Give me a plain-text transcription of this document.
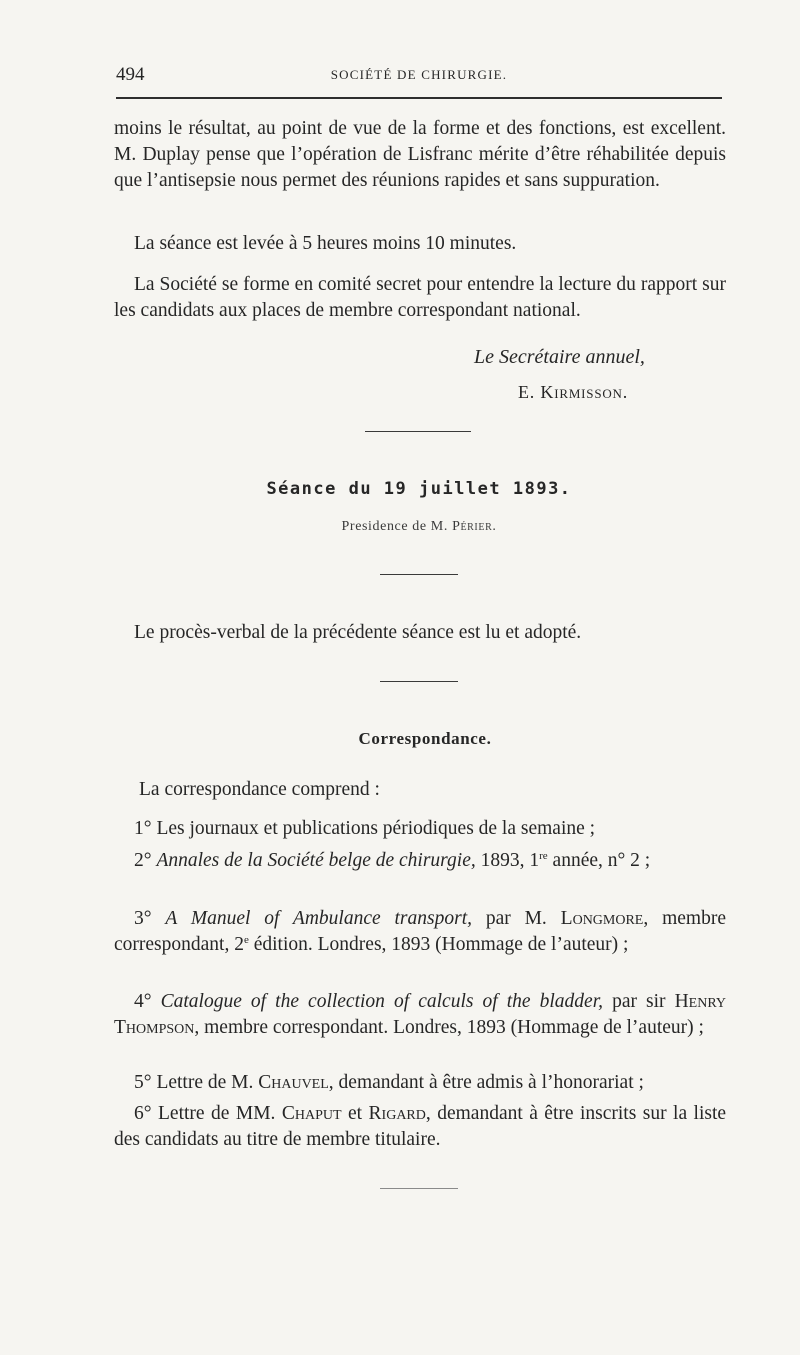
494	SOCIÉTÉ DE CHIRURGIE.

moins le résultat, au point de vue de la forme et des fonctions, est excellent. M. Duplay pense que l’opération de Lisfranc mérite d’être réhabilitée depuis que l’antisepsie nous permet des réunions rapides et sans suppuration.

La séance est levée à 5 heures moins 10 minutes.

La Société se forme en comité secret pour entendre la lecture du rapport sur les candidats aux places de membre correspondant national.

Le Secrétaire annuel,
E. Kirmisson.
Séance du 19 juillet 1893.
Presidence de M. Périer.

Le procès-verbal de la précédente séance est lu et adopté.

Correspondance.

La correspondance comprend :

1° Les journaux et publications périodiques de la semaine ;

2° Annales de la Société belge de chirurgie, 1893, 1re année, n° 2 ;

3° A Manuel of Ambulance transport, par M. Longmore, membre correspondant, 2e édition. Londres, 1893 (Hommage de l’auteur) ;

4° Catalogue of the collection of calculs of the bladder, par sir Henry Thompson, membre correspondant. Londres, 1893 (Hommage de l’auteur) ;

5° Lettre de M. Chauvel, demandant à être admis à l’honorariat ;

6° Lettre de MM. Chaput et Rigard, demandant à être inscrits sur la liste des candidats au titre de membre titulaire.
